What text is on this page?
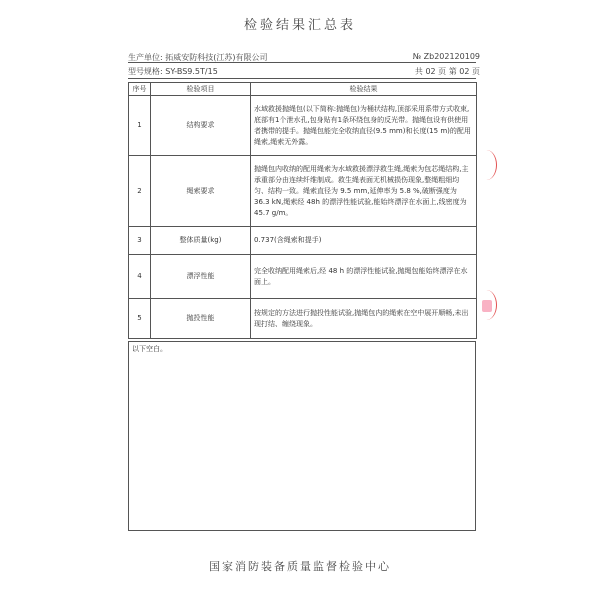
检验结果汇总表
生产单位: 拓威安防科技(江苏)有限公司	№ Zb202120109
型号规格: SY-BS9.5T/15	共 02 页 第 02 页
序号	检验项目	检验结果
1	结构要求	水域救援抛绳包(以下简称:抛绳包)为桶状结构,顶部采用系带方式收束,底部有1个泄水孔,包身贴有1条环绕包身的反光带。抛绳包设有供使用者携带的提手。抛绳包能完全收纳直径(9.5 mm)和长度(15 m)的配用绳索,绳索无外露。
2	绳索要求	抛绳包内收纳的配用绳索为水域救援漂浮救生绳,绳索为包芯绳结构,主承重部分由连续纤维制成。救生绳表面无机械损伤现象,整绳粗细均匀、结构一致。绳索直径为 9.5 mm,延伸率为 5.8 %,破断强度为 36.3 kN,绳索经 48h 的漂浮性能试验,能始终漂浮在水面上,线密度为 45.7 g/m。
3	整体质量(kg)	0.737(含绳索和提手)
4	漂浮性能	完全收纳配用绳索后,经 48 h 的漂浮性能试验,抛绳包能始终漂浮在水面上。
5	抛投性能	按规定的方法进行抛投性能试验,抛绳包内的绳索在空中展开顺畅,未出现打结、缠绕现象。
以下空白。
国家消防装备质量监督检验中心
